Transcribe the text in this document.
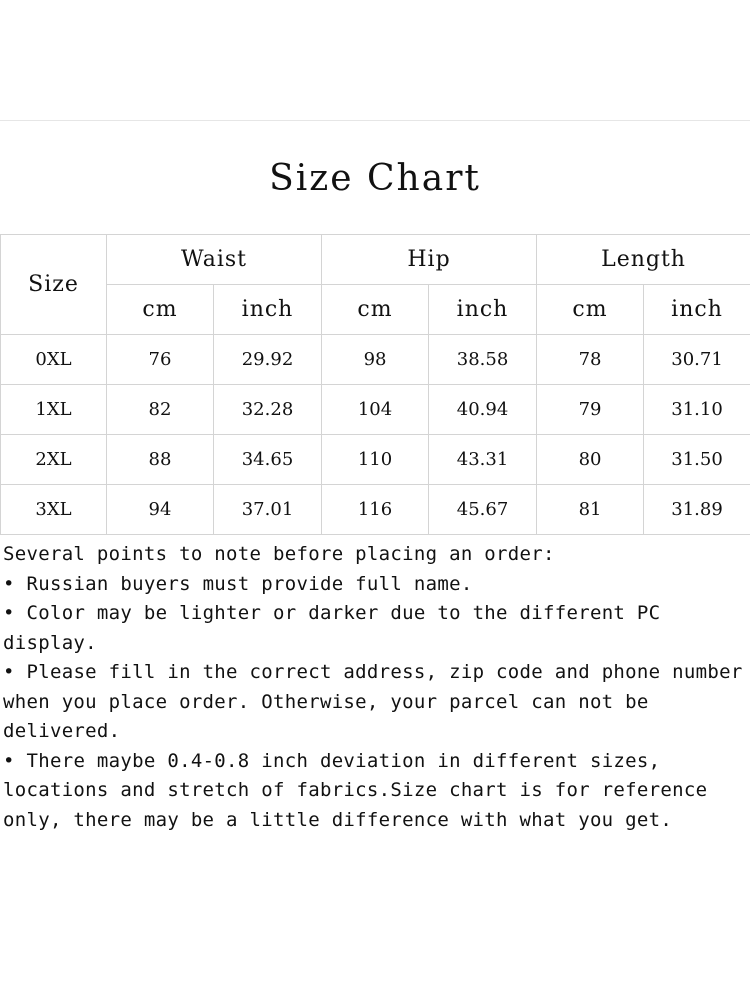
Size Chart
Size	Waist		Hip		Length	
	cm	inch	cm	inch	cm	inch
0XL	76	29.92	98	38.58	78	30.71
1XL	82	32.28	104	40.94	79	31.10
2XL	88	34.65	110	43.31	80	31.50
3XL	94	37.01	116	45.67	81	31.89

Several points to note before placing an order:

• Russian buyers must provide full name.

• Color may be lighter or darker due to the different PC display.

• Please fill in the correct address, zip code and phone number when you place order. Otherwise, your parcel can not be delivered.

• There maybe 0.4-0.8 inch deviation in different sizes, locations and stretch of fabrics.Size chart is for reference only, there may be a little difference with what you get.
